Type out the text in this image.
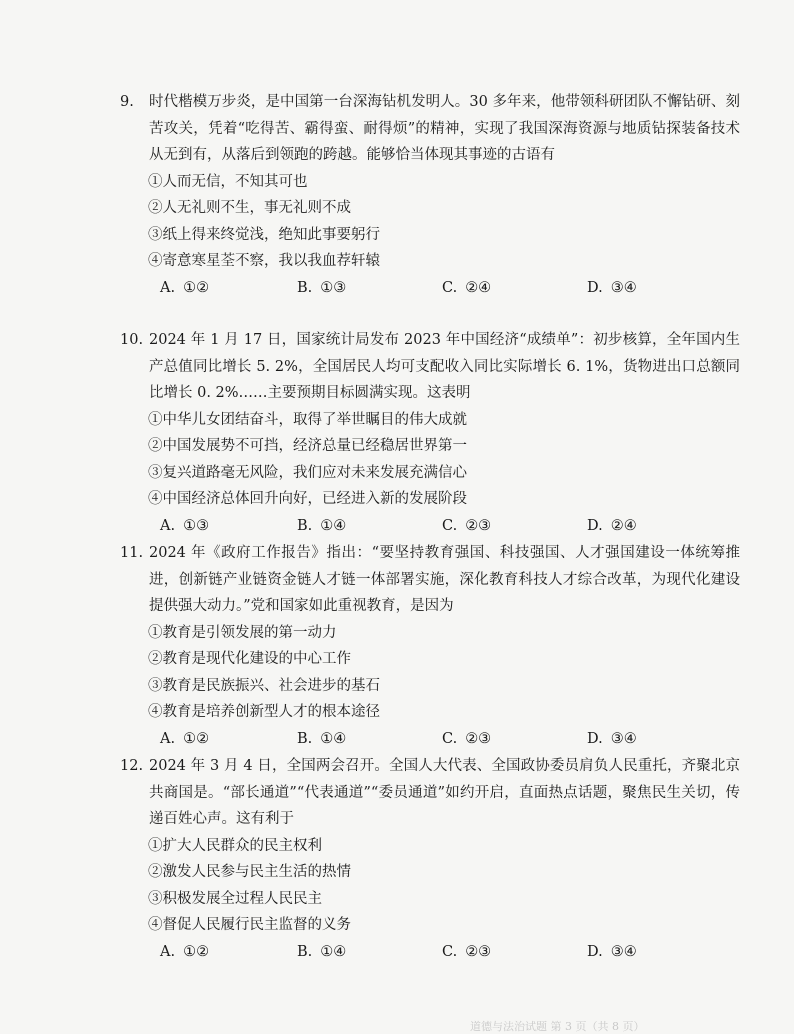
9. 时代楷模万步炎，是中国第一台深海钻机发明人。30 多年来，他带领科研团队不懈钻研、刻苦攻关，凭着“吃得苦、霸得蛮、耐得烦”的精神，实现了我国深海资源与地质钻探装备技术从无到有，从落后到领跑的跨越。能够恰当体现其事迹的古语有
①人而无信，不知其可也
②人无礼则不生，事无礼则不成
③纸上得来终觉浅，绝知此事要躬行
④寄意寒星荃不察，我以我血荐轩辕
A. ①②	B. ①③	C. ②④	D. ③④
10. 2024 年 1 月 17 日，国家统计局发布 2023 年中国经济“成绩单”：初步核算，全年国内生产总值同比增长 5. 2%，全国居民人均可支配收入同比实际增长 6. 1%，货物进出口总额同比增长 0. 2%……主要预期目标圆满实现。这表明
①中华儿女团结奋斗，取得了举世瞩目的伟大成就
②中国发展势不可挡，经济总量已经稳居世界第一
③复兴道路毫无风险，我们应对未来发展充满信心
④中国经济总体回升向好，已经进入新的发展阶段
A. ①③	B. ①④	C. ②③	D. ②④
11. 2024 年《政府工作报告》指出：“要坚持教育强国、科技强国、人才强国建设一体统筹推进，创新链产业链资金链人才链一体部署实施，深化教育科技人才综合改革，为现代化建设提供强大动力。”党和国家如此重视教育，是因为
①教育是引领发展的第一动力
②教育是现代化建设的中心工作
③教育是民族振兴、社会进步的基石
④教育是培养创新型人才的根本途径
A. ①②	B. ①④	C. ②③	D. ③④
12. 2024 年 3 月 4 日，全国两会召开。全国人大代表、全国政协委员肩负人民重托，齐聚北京共商国是。“部长通道”“代表通道”“委员通道”如约开启，直面热点话题，聚焦民生关切，传递百姓心声。这有利于
①扩大人民群众的民主权利
②激发人民参与民主生活的热情
③积极发展全过程人民民主
④督促人民履行民主监督的义务
A. ①②	B. ①④	C. ②③	D. ③④
道德与法治试题 第 3 页（共 8 页）
